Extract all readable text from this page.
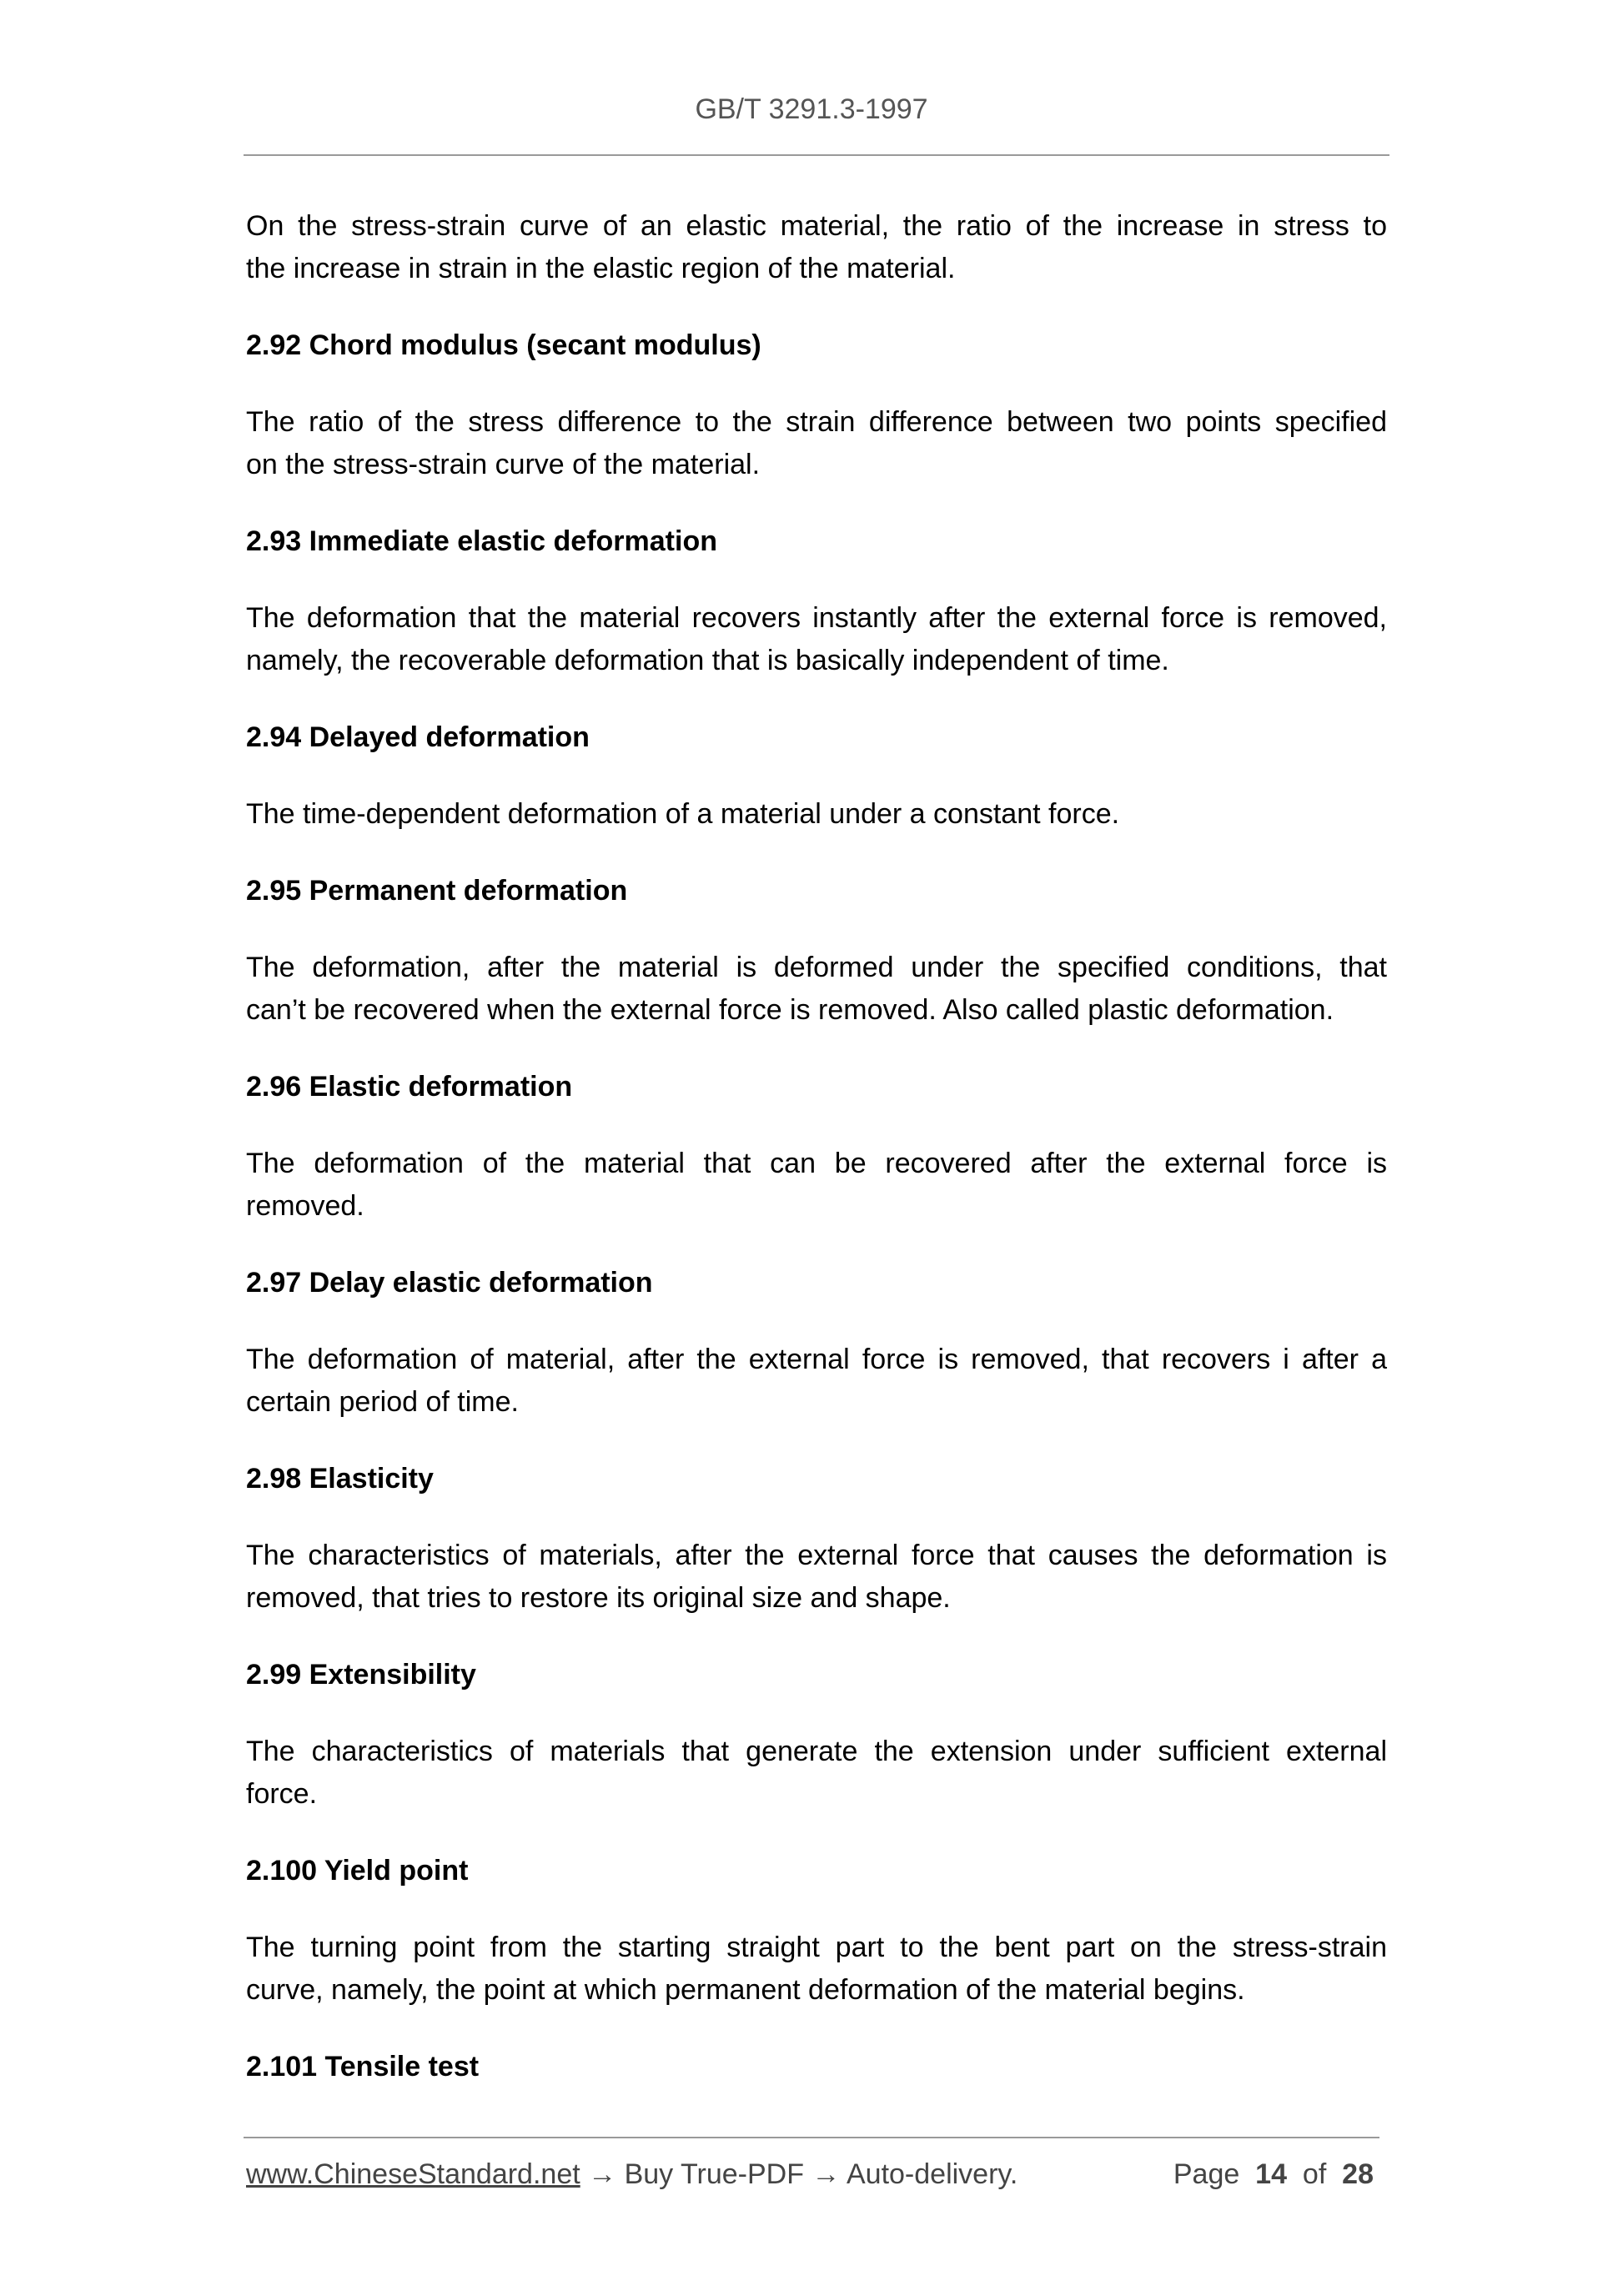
GB/T 3291.3-1997
On the stress-strain curve of an elastic material, the ratio of the increase in stress to
the increase in strain in the elastic region of the material.
2.92 Chord modulus (secant modulus)
The ratio of the stress difference to the strain difference between two points specified
on the stress-strain curve of the material.
2.93 Immediate elastic deformation
The deformation that the material recovers instantly after the external force is removed,
namely, the recoverable deformation that is basically independent of time.
2.94 Delayed deformation
The time-dependent deformation of a material under a constant force.
2.95 Permanent deformation
The deformation, after the material is deformed under the specified conditions, that
can’t be recovered when the external force is removed. Also called plastic deformation.
2.96 Elastic deformation
The deformation of the material that can be recovered after the external force is
removed.
2.97 Delay elastic deformation
The deformation of material, after the external force is removed, that recovers i after a
certain period of time.
2.98 Elasticity
The characteristics of materials, after the external force that causes the deformation is
removed, that tries to restore its original size and shape.
2.99 Extensibility
The characteristics of materials that generate the extension under sufficient external
force.
2.100 Yield point
The turning point from the starting straight part to the bent part on the stress-strain
curve, namely, the point at which permanent deformation of the material begins.
2.101 Tensile test
www.ChineseStandard.net → Buy True-PDF → Auto-delivery.	Page 14 of 28
